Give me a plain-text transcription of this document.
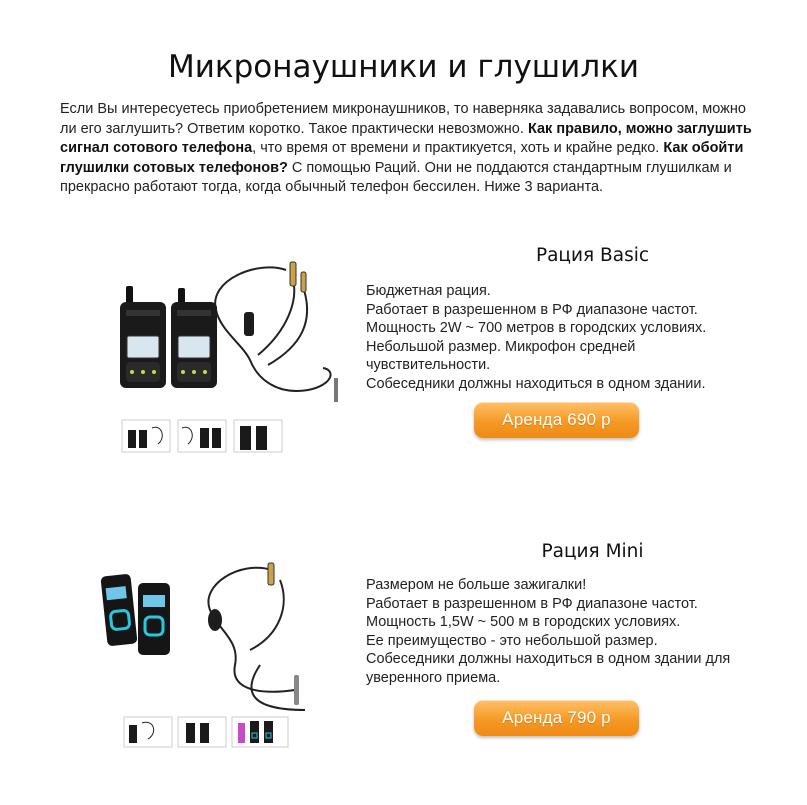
Микронаушники и глушилки
Если Вы интересуетесь приобретением микронаушников, то наверняка задавались вопросом, можно ли его заглушить? Ответим коротко. Такое практически невозможно. Как правило, можно заглушить сигнал сотового телефона, что время от времени и практикуется, хоть и крайне редко. Как обойти глушилки сотовых телефонов? С помощью Раций. Они не поддаются стандартным глушилкам и прекрасно работают тогда, когда обычный телефон бессилен. Ниже 3 варианта.
Рация Basic
Бюджетная рация.
Работает в разрешенном в РФ диапазоне частот.
Мощность 2W ~ 700 метров в городских условиях.
Небольшой размер. Микрофон средней чувствительности.
Собеседники должны находиться в одном здании.
Аренда 690 р
Рация Mini
Размером не больше зажигалки!
Работает в разрешенном в РФ диапазоне частот.
Мощность 1,5W ~ 500 м в городских условиях.
Ее преимущество - это небольшой размер.
Собеседники должны находиться в одном здании для уверенного приема.
Аренда 790 р
